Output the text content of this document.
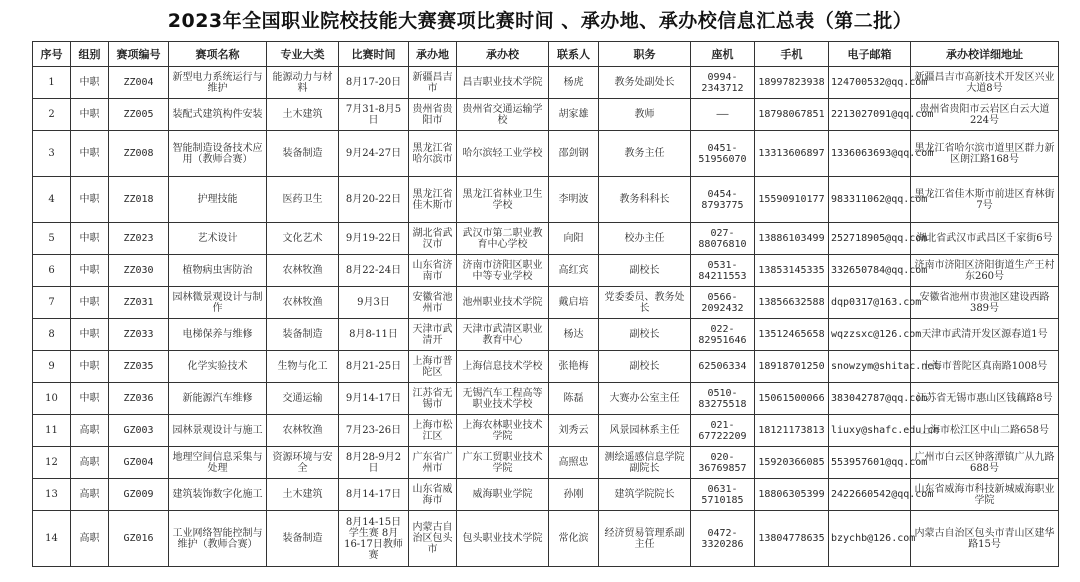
2023年全国职业院校技能大赛赛项比赛时间 、承办地、承办校信息汇总表（第二批）
序号	组别	赛项编号	赛项名称	专业大类	比赛时间	承办地	承办校	联系人	职务	座机	手机	电子邮箱	承办校详细地址
1	中职	ZZ004	新型电力系统运行与维护	能源动力与材料	8月17-20日	新疆昌吉市	昌吉职业技术学院	杨虎	教务处副处长	0994-2343712	18997823938	124700532@qq.com	新疆昌吉市高新技术开发区兴业大道8号
2	中职	ZZ005	装配式建筑构件安装	土木建筑	7月31-8月5日	贵州省贵阳市	贵州省交通运输学校	胡家雄	教师	——	18798067851	2213027091@qq.com	贵州省贵阳市云岩区白云大道224号
3	中职	ZZ008	智能制造设备技术应用（教师合赛）	装备制造	9月24-27日	黑龙江省哈尔滨市	哈尔滨轻工业学校	邵剑钢	教务主任	0451-51956070	13313606897	1336063693@qq.com	黑龙江省哈尔滨市道里区群力新区朗江路168号
4	中职	ZZ018	护理技能	医药卫生	8月20-22日	黑龙江省佳木斯市	黑龙江省林业卫生学校	李明波	教务科科长	0454-8793775	15590910177	983311062@qq.com	黑龙江省佳木斯市前进区育林街7号
5	中职	ZZ023	艺术设计	文化艺术	9月19-22日	湖北省武汉市	武汉市第二职业教育中心学校	向阳	校办主任	027-88076810	13886103499	252718905@qq.com	湖北省武汉市武昌区千家街6号
6	中职	ZZ030	植物病虫害防治	农林牧渔	8月22-24日	山东省济南市	济南市济阳区职业中等专业学校	高红宾	副校长	0531-84211553	13853145335	332650784@qq.com	济南市济阳区济阳街道生产王村东260号
7	中职	ZZ031	园林微景观设计与制作	农林牧渔	9月3日	安徽省池州市	池州职业技术学院	戴启培	党委委员、教务处长	0566-2092432	13856632588	dqp0317@163.com	安徽省池州市贵池区建设西路389号
8	中职	ZZ033	电梯保养与维修	装备制造	8月8-11日	天津市武清开	天津市武清区职业教育中心	杨达	副校长	022-82951646	13512465658	wqzzsxc@126.com	天津市武清开发区源春道1号
9	中职	ZZ035	化学实验技术	生物与化工	8月21-25日	上海市普陀区	上海信息技术学校	张艳梅	副校长	62506334	18918701250	snowzym@shitac.net	上海市普陀区真南路1008号
10	中职	ZZ036	新能源汽车维修	交通运输	9月14-17日	江苏省无锡市	无锡汽车工程高等职业技术学校	陈磊	大赛办公室主任	0510-83275518	15061500066	383042787@qq.com	江苏省无锡市惠山区钱藕路8号
11	高职	GZ003	园林景观设计与施工	农林牧渔	7月23-26日	上海市松江区	上海农林职业技术学院	刘秀云	风景园林系主任	021-67722209	18121173813	liuxy@shafc.edu.cn	上海市松江区中山二路658号
12	高职	GZ004	地理空间信息采集与处理	资源环境与安全	8月28-9月2日	广东省广州市	广东工贸职业技术学院	高照忠	测绘遥感信息学院副院长	020-36769857	15920366085	553957601@qq.com	广州市白云区钟落潭镇广从九路688号
13	高职	GZ009	建筑装饰数字化施工	土木建筑	8月14-17日	山东省威海市	威海职业学院	孙刚	建筑学院院长	0631-5710185	18806305399	2422660542@qq.com	山东省威海市科技新城威海职业学院
14	高职	GZ016	工业网络智能控制与维护（教师合赛）	装备制造	8月14-15日学生赛 8月16-17日教师赛	内蒙古自治区包头市	包头职业技术学院	常化滨	经济贸易管理系副主任	0472-3320286	13804778635	bzychb@126.com	内蒙古自治区包头市青山区建华路15号
